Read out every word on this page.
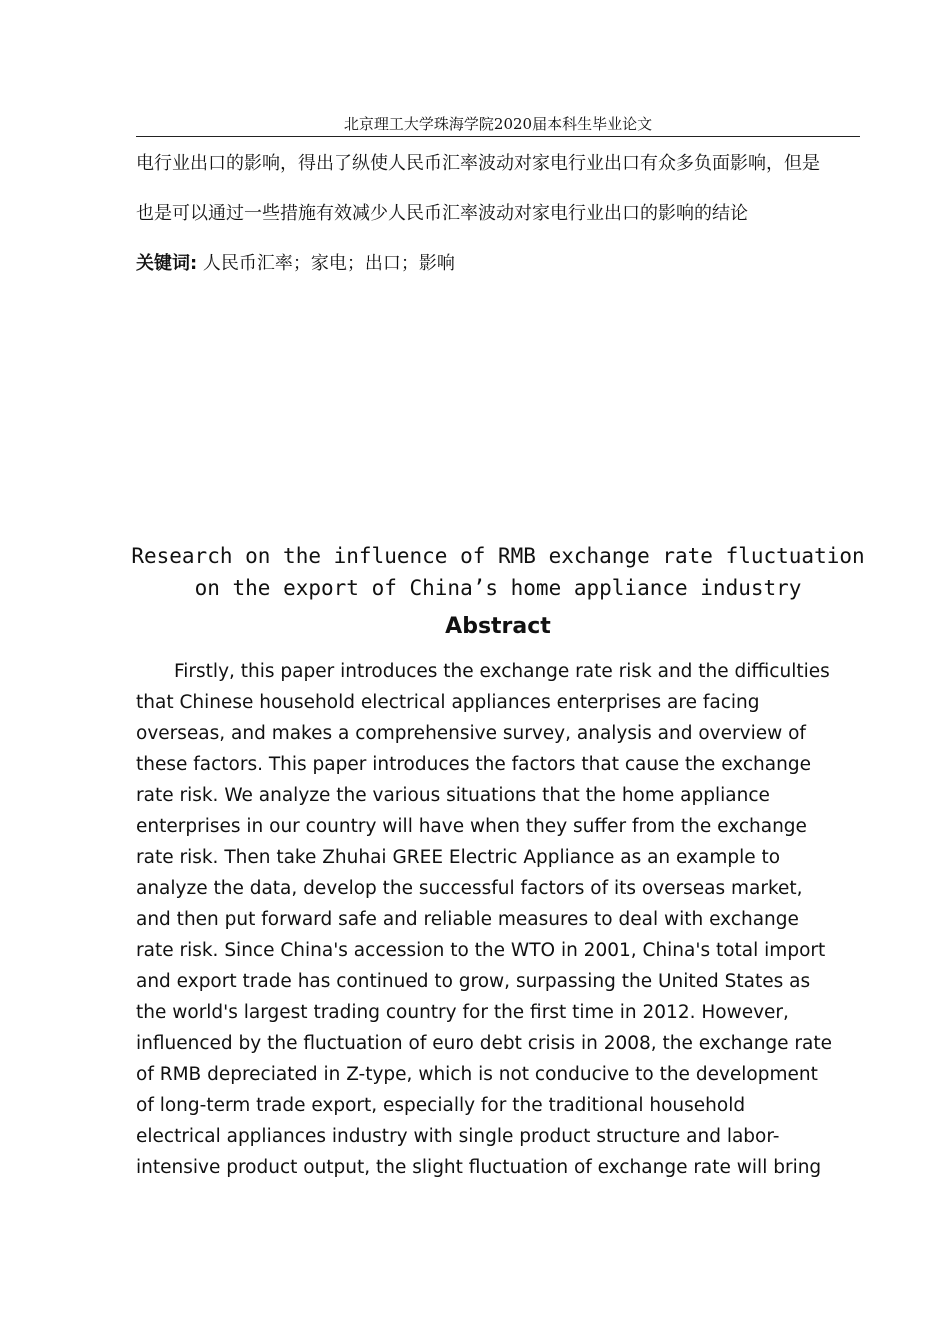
北京理工大学珠海学院2020届本科生毕业论文
电行业出口的影响，得出了纵使人民币汇率波动对家电行业出口有众多负面影响，但是
也是可以通过一些措施有效减少人民币汇率波动对家电行业出口的影响的结论
关键词: 人民币汇率；家电；出口；影响
Research on the influence of RMB exchange rate fluctuation
on the export of China’s home appliance industry
Abstract
Firstly, this paper introduces the exchange rate risk and the difficulties
that Chinese household electrical appliances enterprises are facing
overseas, and makes a comprehensive survey, analysis and overview of
these factors. This paper introduces the factors that cause the exchange
rate risk. We analyze the various situations that the home appliance
enterprises in our country will have when they suffer from the exchange
rate risk. Then take Zhuhai GREE Electric Appliance as an example to
analyze the data, develop the successful factors of its overseas market,
and then put forward safe and reliable measures to deal with exchange
rate risk. Since China's accession to the WTO in 2001, China's total import
and export trade has continued to grow, surpassing the United States as
the world's largest trading country for the first time in 2012. However,
influenced by the fluctuation of euro debt crisis in 2008, the exchange rate
of RMB depreciated in Z-type, which is not conducive to the development
of long-term trade export, especially for the traditional household
electrical appliances industry with single product structure and labor-
intensive product output, the slight fluctuation of exchange rate will bring
